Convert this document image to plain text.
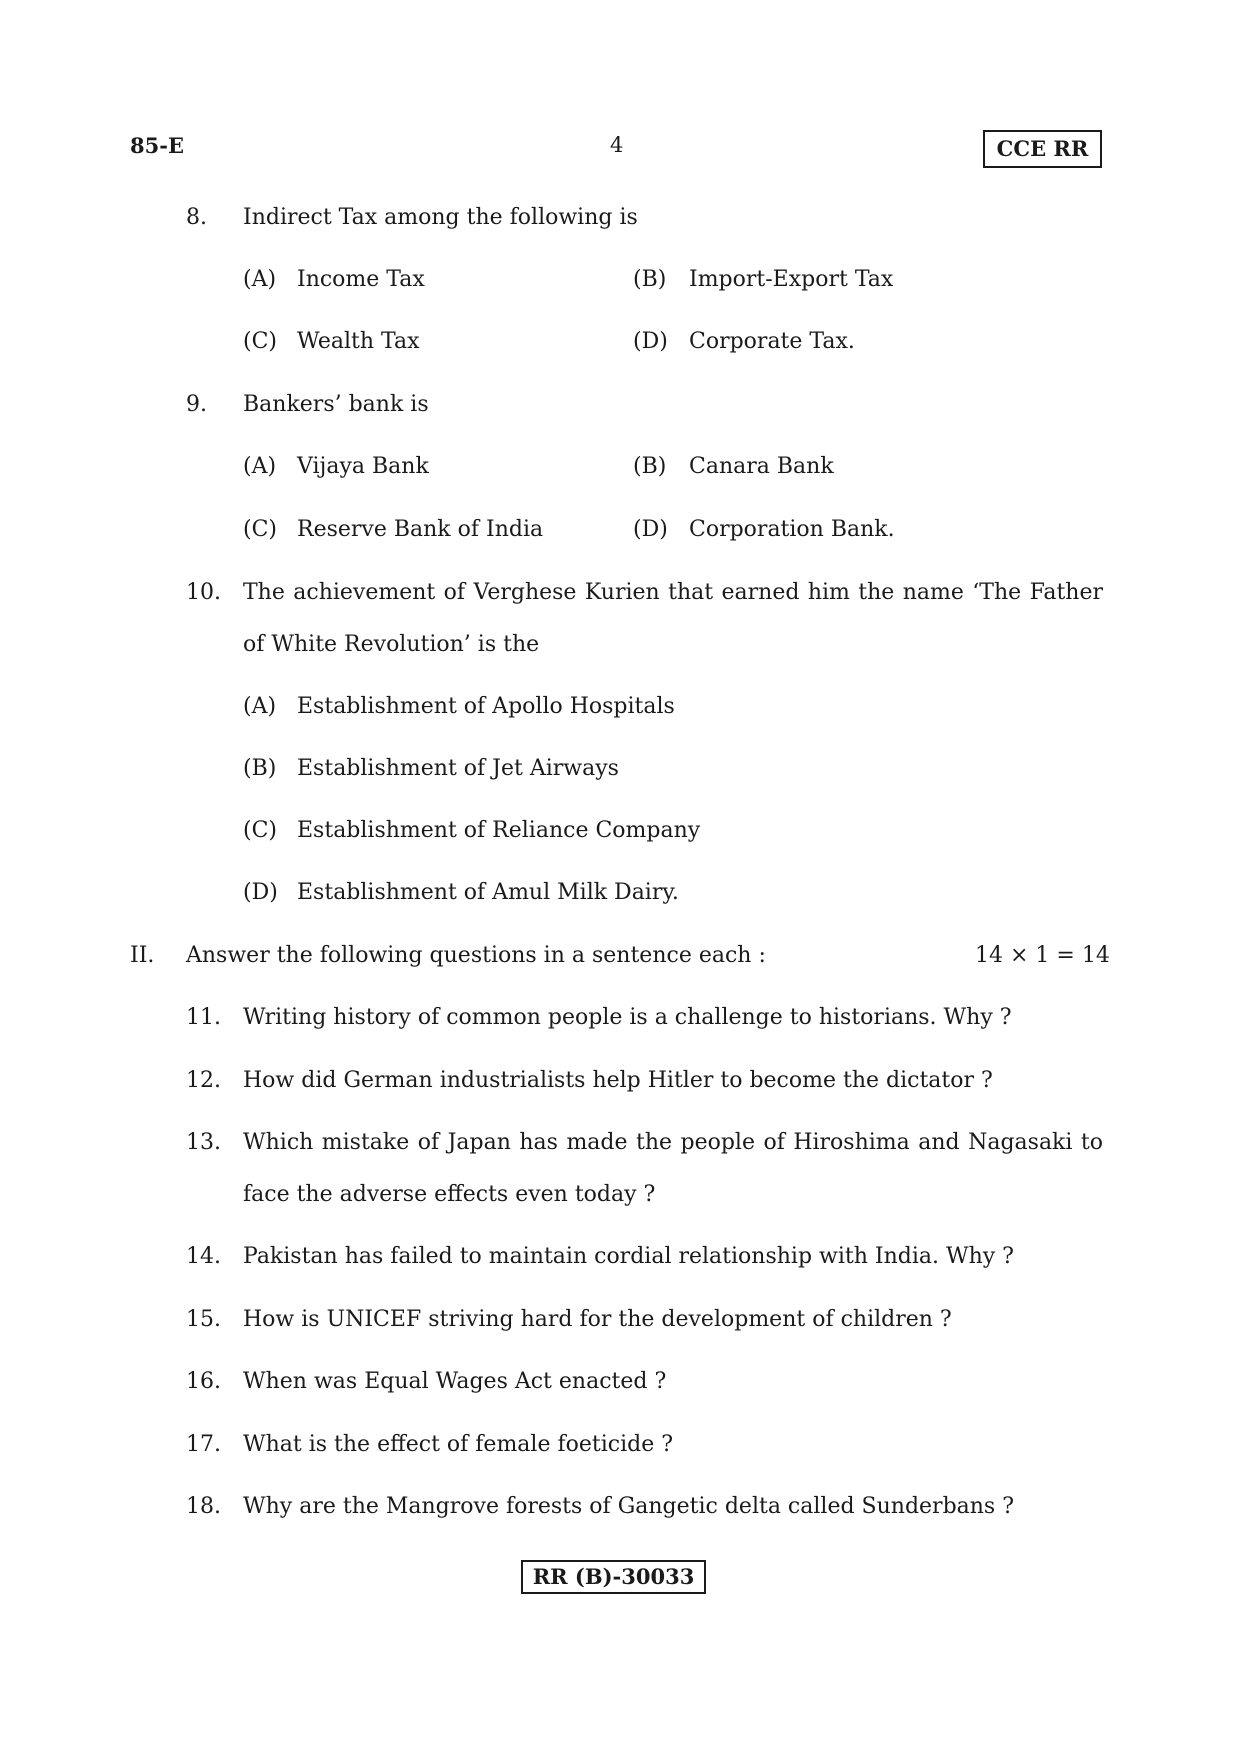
85-E	4	CCE RR
8. Indirect Tax among the following is
(A) Income Tax	(B) Import-Export Tax
(C) Wealth Tax	(D) Corporate Tax.
9. Bankers’ bank is
(A) Vijaya Bank	(B) Canara Bank
(C) Reserve Bank of India	(D) Corporation Bank.
10. The achievement of Verghese Kurien that earned him the name ‘The Father
of White Revolution’ is the
(A) Establishment of Apollo Hospitals
(B) Establishment of Jet Airways
(C) Establishment of Reliance Company
(D) Establishment of Amul Milk Dairy.
II. Answer the following questions in a sentence each :	14 × 1 = 14
11. Writing history of common people is a challenge to historians. Why ?
12. How did German industrialists help Hitler to become the dictator ?
13. Which mistake of Japan has made the people of Hiroshima and Nagasaki to
face the adverse effects even today ?
14. Pakistan has failed to maintain cordial relationship with India. Why ?
15. How is UNICEF striving hard for the development of children ?
16. When was Equal Wages Act enacted ?
17. What is the effect of female foeticide ?
18. Why are the Mangrove forests of Gangetic delta called Sunderbans ?
RR (B)-30033
